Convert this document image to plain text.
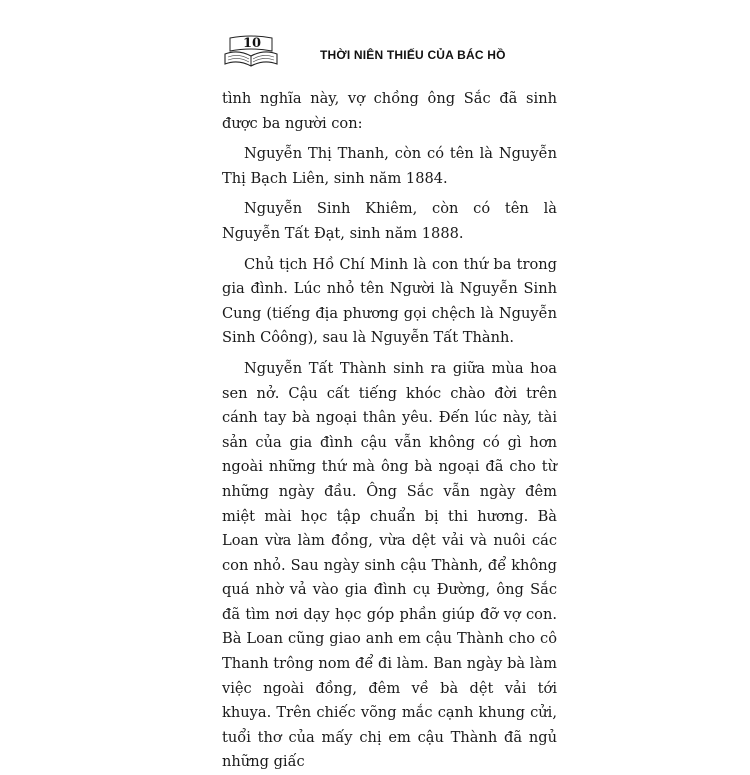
10
THỜI NIÊN THIẾU CỦA BÁC HỒ

tình nghĩa này, vợ chồng ông Sắc đã sinh được ba người con:

Nguyễn Thị Thanh, còn có tên là Nguyễn Thị Bạch Liên, sinh năm 1884.

Nguyễn Sinh Khiêm, còn có tên là Nguyễn Tất Đạt, sinh năm 1888.

Chủ tịch Hồ Chí Minh là con thứ ba trong gia đình. Lúc nhỏ tên Người là Nguyễn Sinh Cung (tiếng địa phương gọi chệch là Nguyễn Sinh Côông), sau là Nguyễn Tất Thành.

Nguyễn Tất Thành sinh ra giữa mùa hoa sen nở. Cậu cất tiếng khóc chào đời trên cánh tay bà ngoại thân yêu. Đến lúc này, tài sản của gia đình cậu vẫn không có gì hơn ngoài những thứ mà ông bà ngoại đã cho từ những ngày đầu. Ông Sắc vẫn ngày đêm miệt mài học tập chuẩn bị thi hương. Bà Loan vừa làm đồng, vừa dệt vải và nuôi các con nhỏ. Sau ngày sinh cậu Thành, để không quá nhờ vả vào gia đình cụ Đường, ông Sắc đã tìm nơi dạy học góp phần giúp đỡ vợ con. Bà Loan cũng giao anh em cậu Thành cho cô Thanh trông nom để đi làm. Ban ngày bà làm việc ngoài đồng, đêm về bà dệt vải tới khuya. Trên chiếc võng mắc cạnh khung cửi, tuổi thơ của mấy chị em cậu Thành đã ngủ những giấc
